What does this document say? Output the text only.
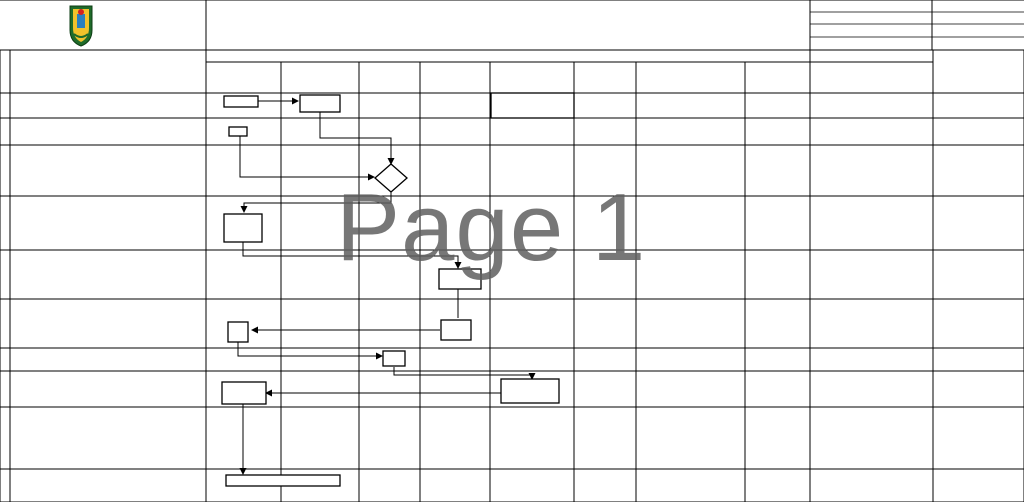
Page 1
